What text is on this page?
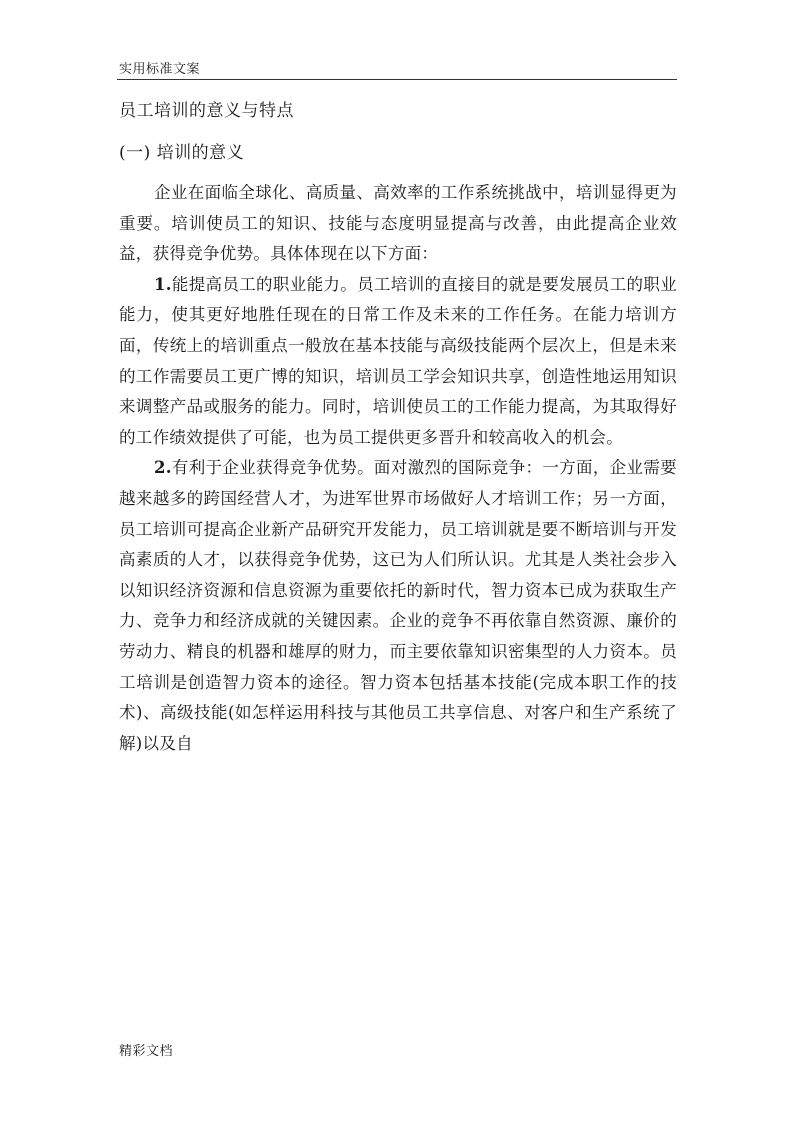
实用标准文案
员工培训的意义与特点
(一) 培训的意义

企业在面临全球化、高质量、高效率的工作系统挑战中，培训显得更为重要。培训使员工的知识、技能与态度明显提高与改善，由此提高企业效益，获得竞争优势。具体体现在以下方面：

1.能提高员工的职业能力。员工培训的直接目的就是要发展员工的职业能力，使其更好地胜任现在的日常工作及未来的工作任务。在能力培训方面，传统上的培训重点一般放在基本技能与高级技能两个层次上，但是未来的工作需要员工更广博的知识，培训员工学会知识共享，创造性地运用知识来调整产品或服务的能力。同时，培训使员工的工作能力提高，为其取得好的工作绩效提供了可能，也为员工提供更多晋升和较高收入的机会。

2.有利于企业获得竞争优势。面对激烈的国际竞争：一方面，企业需要越来越多的跨国经营人才，为进军世界市场做好人才培训工作；另一方面，员工培训可提高企业新产品研究开发能力，员工培训就是要不断培训与开发高素质的人才，以获得竞争优势，这已为人们所认识。尤其是人类社会步入以知识经济资源和信息资源为重要依托的新时代，智力资本已成为获取生产力、竞争力和经济成就的关键因素。企业的竞争不再依靠自然资源、廉价的劳动力、精良的机器和雄厚的财力，而主要依靠知识密集型的人力资本。员工培训是创造智力资本的途径。智力资本包括基本技能(完成本职工作的技术)、高级技能(如怎样运用科技与其他员工共享信息、对客户和生产系统了解)以及自

精彩文档
